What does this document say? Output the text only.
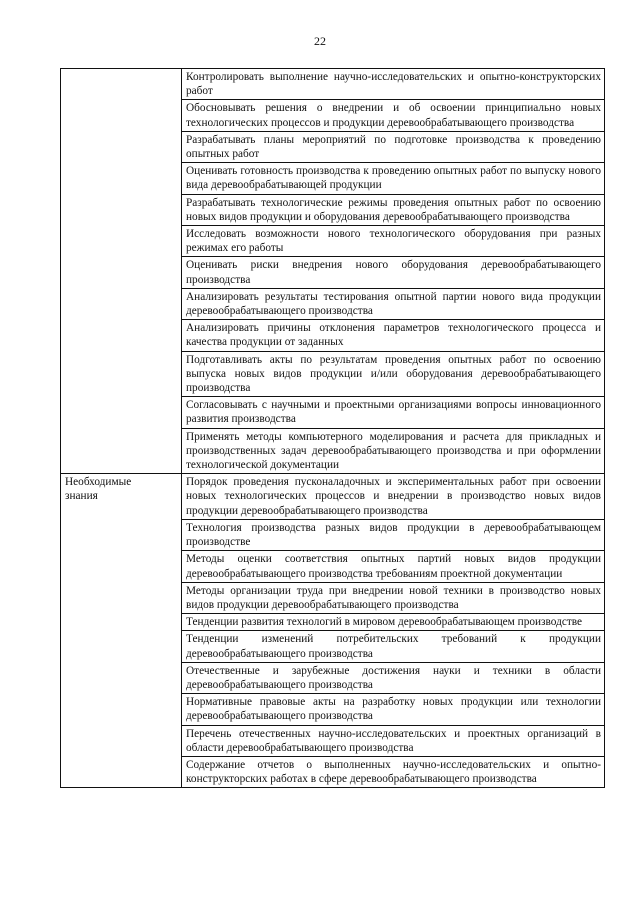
22
	Контролировать выполнение научно-исследовательских и опытно-конструкторских работ
	Обосновывать решения о внедрении и об освоении принципиально новых технологических процессов и продукции деревообрабатывающего производства
	Разрабатывать планы мероприятий по подготовке производства к проведению опытных работ
	Оценивать готовность производства к проведению опытных работ по выпуску нового вида деревообрабатывающей продукции
	Разрабатывать технологические режимы проведения опытных работ по освоению новых видов продукции и оборудования деревообрабатывающего производства
	Исследовать возможности нового технологического оборудования при разных режимах его работы
	Оценивать риски внедрения нового оборудования деревообрабатывающего производства
	Анализировать результаты тестирования опытной партии нового вида продукции деревообрабатывающего производства
	Анализировать причины отклонения параметров технологического процесса и качества продукции от заданных
	Подготавливать акты по результатам проведения опытных работ по освоению выпуска новых видов продукции и/или оборудования деревообрабатывающего производства
	Согласовывать с научными и проектными организациями вопросы инновационного развития производства
	Применять методы компьютерного моделирования и расчета для прикладных и производственных задач деревообрабатывающего производства и при оформлении технологической документации

Необходимые знания	Порядок проведения пусконаладочных и экспериментальных работ при освоении новых технологических процессов и внедрении в производство новых видов продукции деревообрабатывающего производства
	Технология производства разных видов продукции в деревообрабатывающем производстве
	Методы оценки соответствия опытных партий новых видов продукции деревообрабатывающего производства требованиям проектной документации
	Методы организации труда при внедрении новой техники в производство новых видов продукции деревообрабатывающего производства
	Тенденции развития технологий в мировом деревообрабатывающем производстве
	Тенденции изменений потребительских требований к продукции деревообрабатывающего производства
	Отечественные и зарубежные достижения науки и техники в области деревообрабатывающего производства
	Нормативные правовые акты на разработку новых продукции или технологии деревообрабатывающего производства
	Перечень отечественных научно-исследовательских и проектных организаций в области деревообрабатывающего производства
	Содержание отчетов о выполненных научно-исследовательских и опытно-конструкторских работах в сфере деревообрабатывающего производства
